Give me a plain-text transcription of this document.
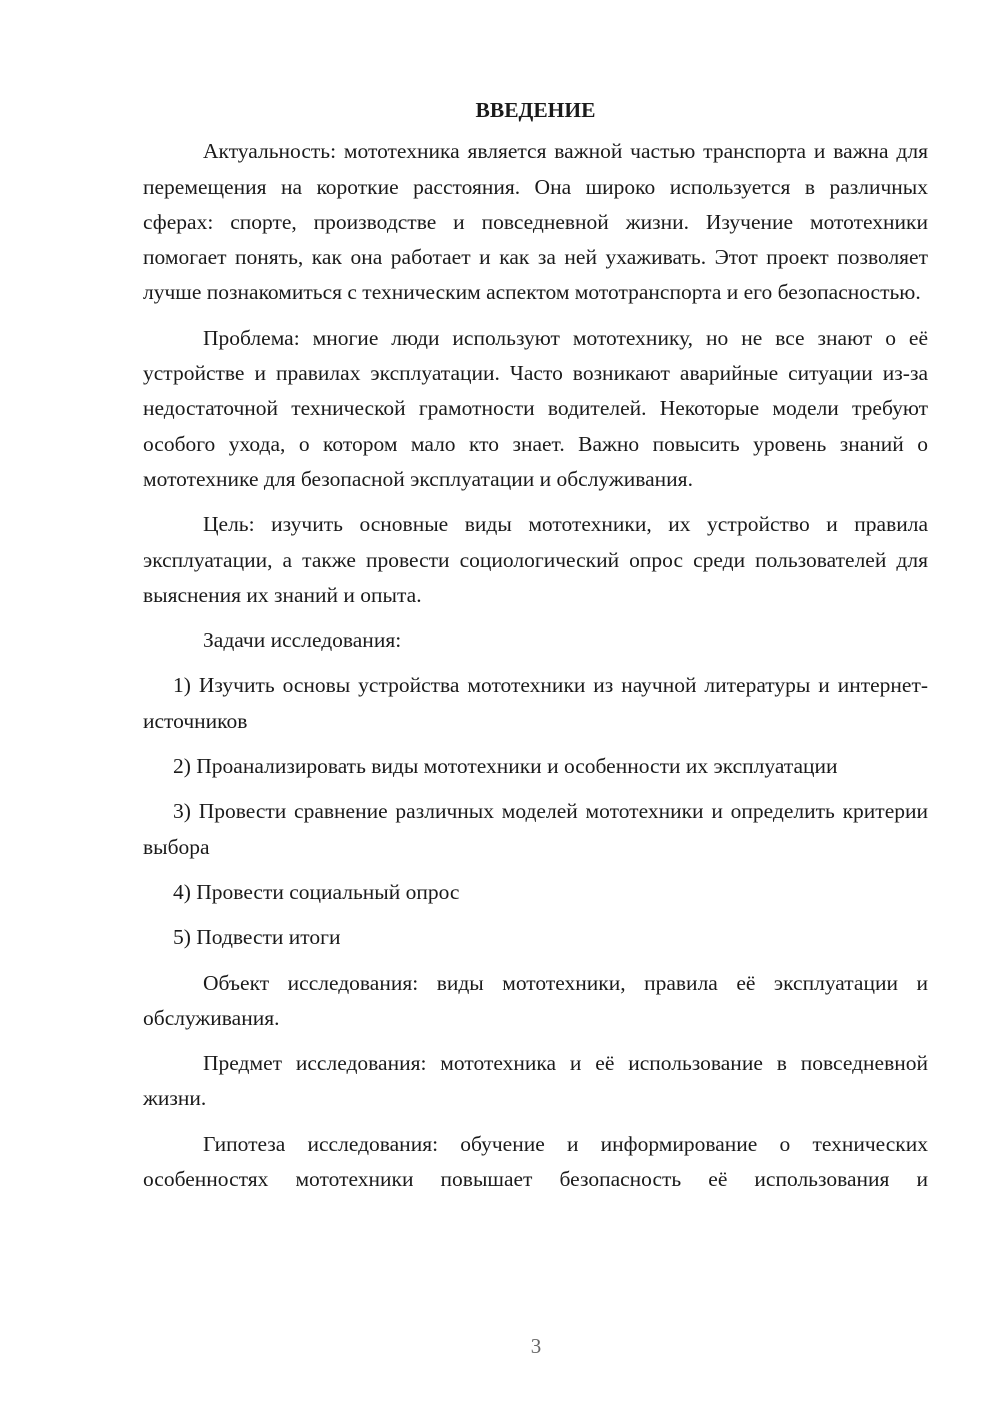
ВВЕДЕНИЕ

Актуальность: мототехника является важной частью транспорта и важна для перемещения на короткие расстояния. Она широко используется в различных сферах: спорте, производстве и повседневной жизни. Изучение мототехники помогает понять, как она работает и как за ней ухаживать. Этот проект позволяет лучше познакомиться с техническим аспектом мототранспорта и его безопасностью.

Проблема: многие люди используют мототехнику, но не все знают о её устройстве и правилах эксплуатации. Часто возникают аварийные ситуации из-за недостаточной технической грамотности водителей. Некоторые модели требуют особого ухода, о котором мало кто знает. Важно повысить уровень знаний о мототехнике для безопасной эксплуатации и обслуживания.

Цель: изучить основные виды мототехники, их устройство и правила эксплуатации, а также провести социологический опрос среди пользователей для выяснения их знаний и опыта.

Задачи исследования:

1) Изучить основы устройства мототехники из научной литературы и интернет-источников

2) Проанализировать виды мототехники и особенности их эксплуатации

3) Провести сравнение различных моделей мототехники и определить критерии выбора

4) Провести социальный опрос

5) Подвести итоги

Объект исследования: виды мототехники, правила её эксплуатации и обслуживания.

Предмет исследования: мототехника и её использование в повседневной жизни.

Гипотеза исследования: обучение и информирование о технических особенностях мототехники повышает безопасность её использования и

3
